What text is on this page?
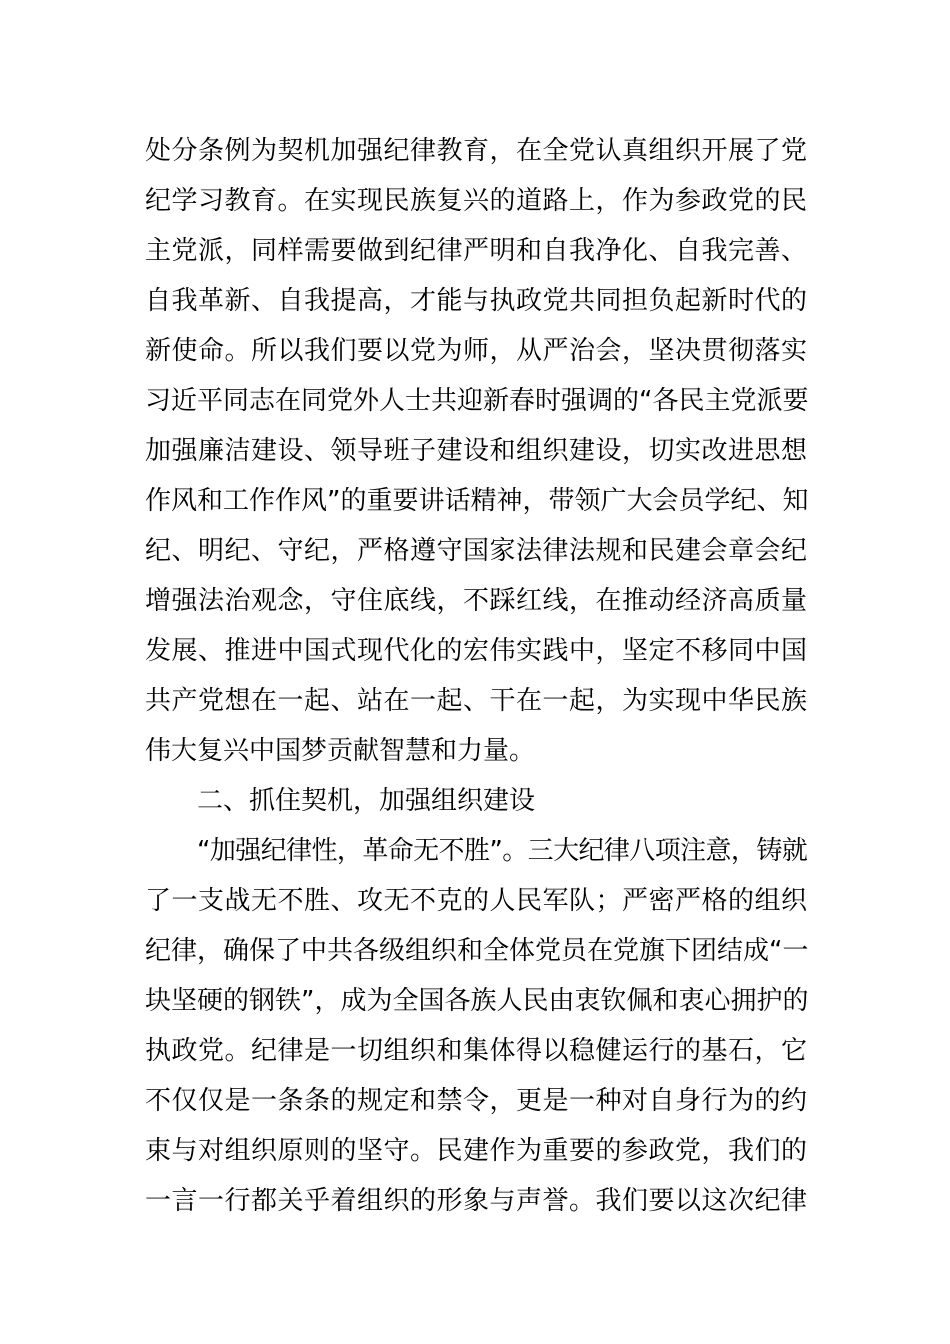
处分条例为契机加强纪律教育，在全党认真组织开展了党
纪学习教育。在实现民族复兴的道路上，作为参政党的民
主党派，同样需要做到纪律严明和自我净化、自我完善、
自我革新、自我提高，才能与执政党共同担负起新时代的
新使命。所以我们要以党为师，从严治会，坚决贯彻落实
习近平同志在同党外人士共迎新春时强调的“各民主党派要
加强廉洁建设、领导班子建设和组织建设，切实改进思想
作风和工作作风”的重要讲话精神，带领广大会员学纪、知
纪、明纪、守纪，严格遵守国家法律法规和民建会章会纪
增强法治观念，守住底线，不踩红线，在推动经济高质量
发展、推进中国式现代化的宏伟实践中，坚定不移同中国
共产党想在一起、站在一起、干在一起，为实现中华民族
伟大复兴中国梦贡献智慧和力量。
二、抓住契机，加强组织建设
“加强纪律性，革命无不胜”。三大纪律八项注意，铸就
了一支战无不胜、攻无不克的人民军队；严密严格的组织
纪律，确保了中共各级组织和全体党员在党旗下团结成“一
块坚硬的钢铁”，成为全国各族人民由衷钦佩和衷心拥护的
执政党。纪律是一切组织和集体得以稳健运行的基石，它
不仅仅是一条条的规定和禁令，更是一种对自身行为的约
束与对组织原则的坚守。民建作为重要的参政党，我们的
一言一行都关乎着组织的形象与声誉。我们要以这次纪律
